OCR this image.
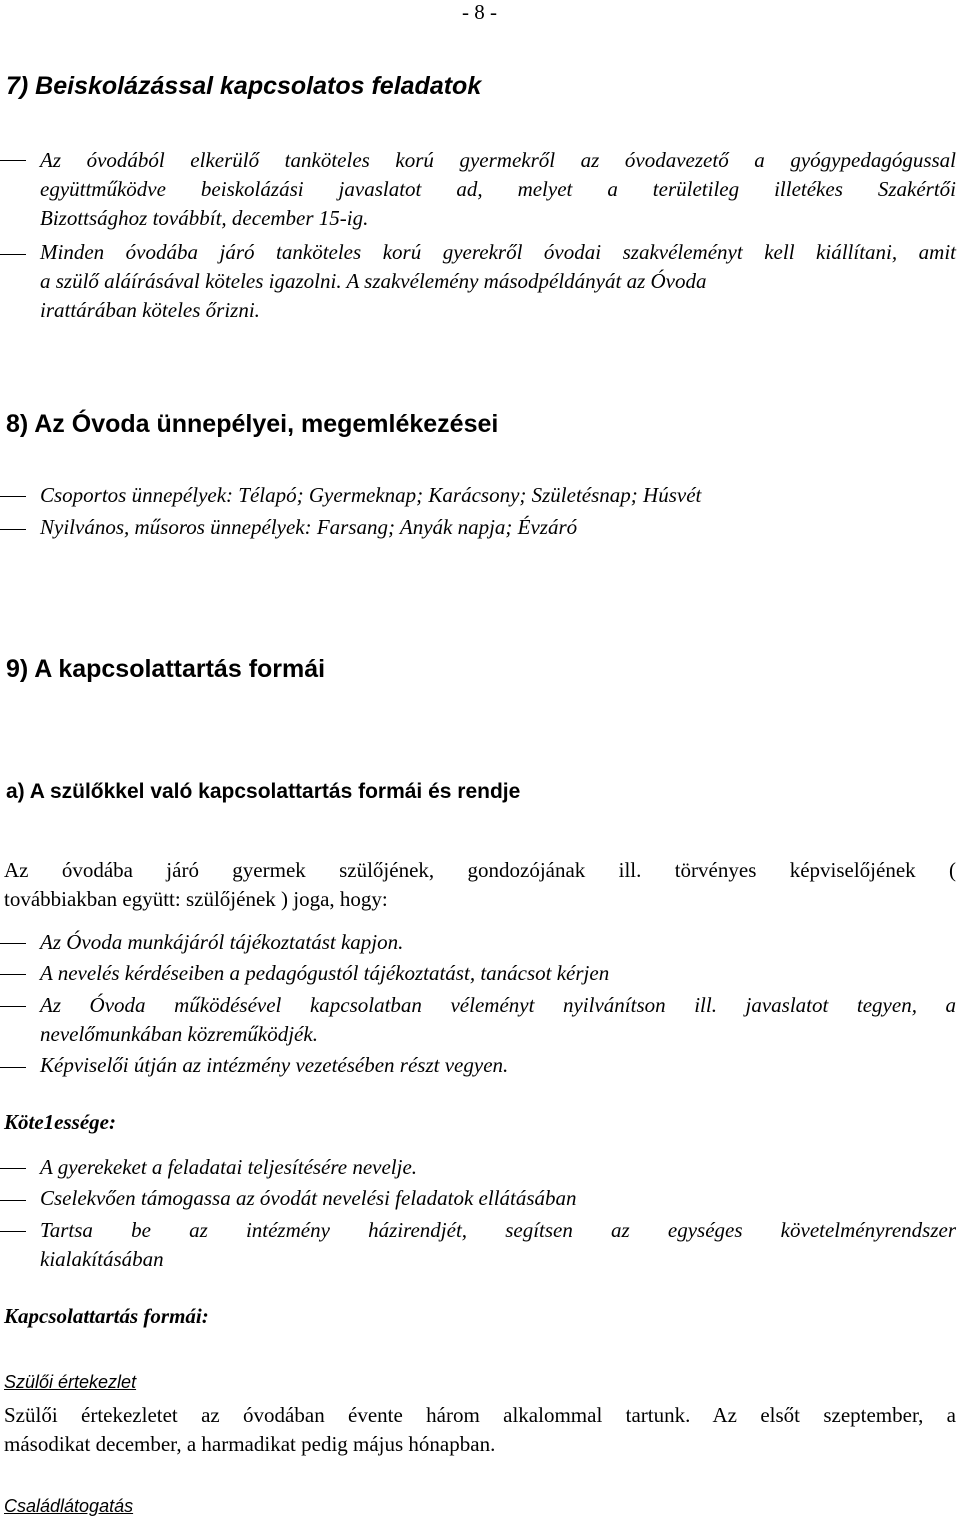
- 8 -
7) Beiskolázással kapcsolatos feladatok
Az óvodából elkerülő tanköteles korú gyermekről az óvodavezető a gyógypedagógussal
együttműködve beiskolázási javaslatot ad, melyet a területileg illetékes Szakértői
Bizottsághoz továbbít, december 15-ig.
Minden óvodába járó tanköteles korú gyerekről óvodai szakvéleményt kell kiállítani, amit
a szülő aláírásával köteles igazolni. A szakvélemény másodpéldányát az Óvoda
irattárában köteles őrizni.
8) Az Óvoda ünnepélyei, megemlékezései
Csoportos ünnepélyek: Télapó; Gyermeknap; Karácsony; Születésnap; Húsvét
Nyilvános, műsoros ünnepélyek: Farsang; Anyák napja; Évzáró
9) A kapcsolattartás formái
a) A szülőkkel való kapcsolattartás formái és rendje
Az óvodába járó gyermek szülőjének, gondozójának ill. törvényes képviselőjének (
továbbiakban együtt: szülőjének ) joga, hogy:
Az Óvoda munkájáról tájékoztatást kapjon.
A nevelés kérdéseiben a pedagógustól tájékoztatást, tanácsot kérjen
Az Óvoda működésével kapcsolatban véleményt nyilvánítson ill. javaslatot tegyen, a
nevelőmunkában közreműködjék.
Képviselői útján az intézmény vezetésében részt vegyen.
Köte1essége:
A gyerekeket a feladatai teljesítésére nevelje.
Cselekvően támogassa az óvodát nevelési feladatok ellátásában
Tartsa be az intézmény házirendjét, segítsen az egységes követelményrendszer
kialakításában
Kapcsolattartás formái:
Szülői értekezlet
Szülői értekezletet az óvodában évente három alkalommal tartunk. Az elsőt szeptember, a
másodikat december, a harmadikat pedig május hónapban.
Családlátogatás
